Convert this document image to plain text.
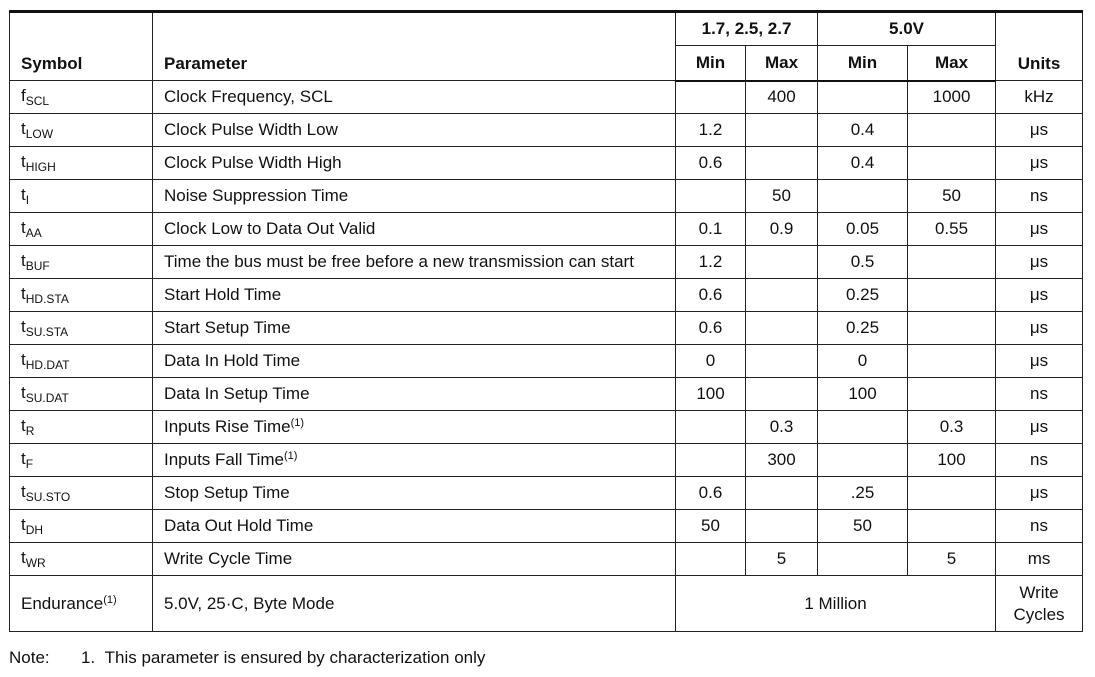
Symbol	Parameter	1.7, 2.5, 2.7		5.0V		Units
		Min	Max	Min	Max	
$f_{SCL}$	Clock Frequency, SCL		400		1000	kHz
$t_{LOW}$	Clock Pulse Width Low	1.2		0.4		μs
$t_{HIGH}$	Clock Pulse Width High	0.6		0.4		μs
$t_I$	Noise Suppression Time		50		50	ns
$t_{AA}$	Clock Low to Data Out Valid	0.1	0.9	0.05	0.55	μs
$t_{BUF}$	Time the bus must be free before a new transmission can start	1.2		0.5		μs
$t_{HD.STA}$	Start Hold Time	0.6		0.25		μs
$t_{SU.STA}$	Start Setup Time	0.6		0.25		μs
$t_{HD.DAT}$	Data In Hold Time	0		0		μs
$t_{SU.DAT}$	Data In Setup Time	100		100		ns
$t_R$	Inputs Rise Time$^{(1)}$		0.3		0.3	μs
$t_F$	Inputs Fall Time$^{(1)}$		300		100	ns
$t_{SU.STO}$	Stop Setup Time	0.6		.25		μs
$t_{DH}$	Data Out Hold Time	50		50		ns
$t_{WR}$	Write Cycle Time		5		5	ms
Endurance$^{(1)}$	5.0V, 25·C, Byte Mode	1 Million				Write
Cycles
Note: 1.  This parameter is ensured by characterization only
